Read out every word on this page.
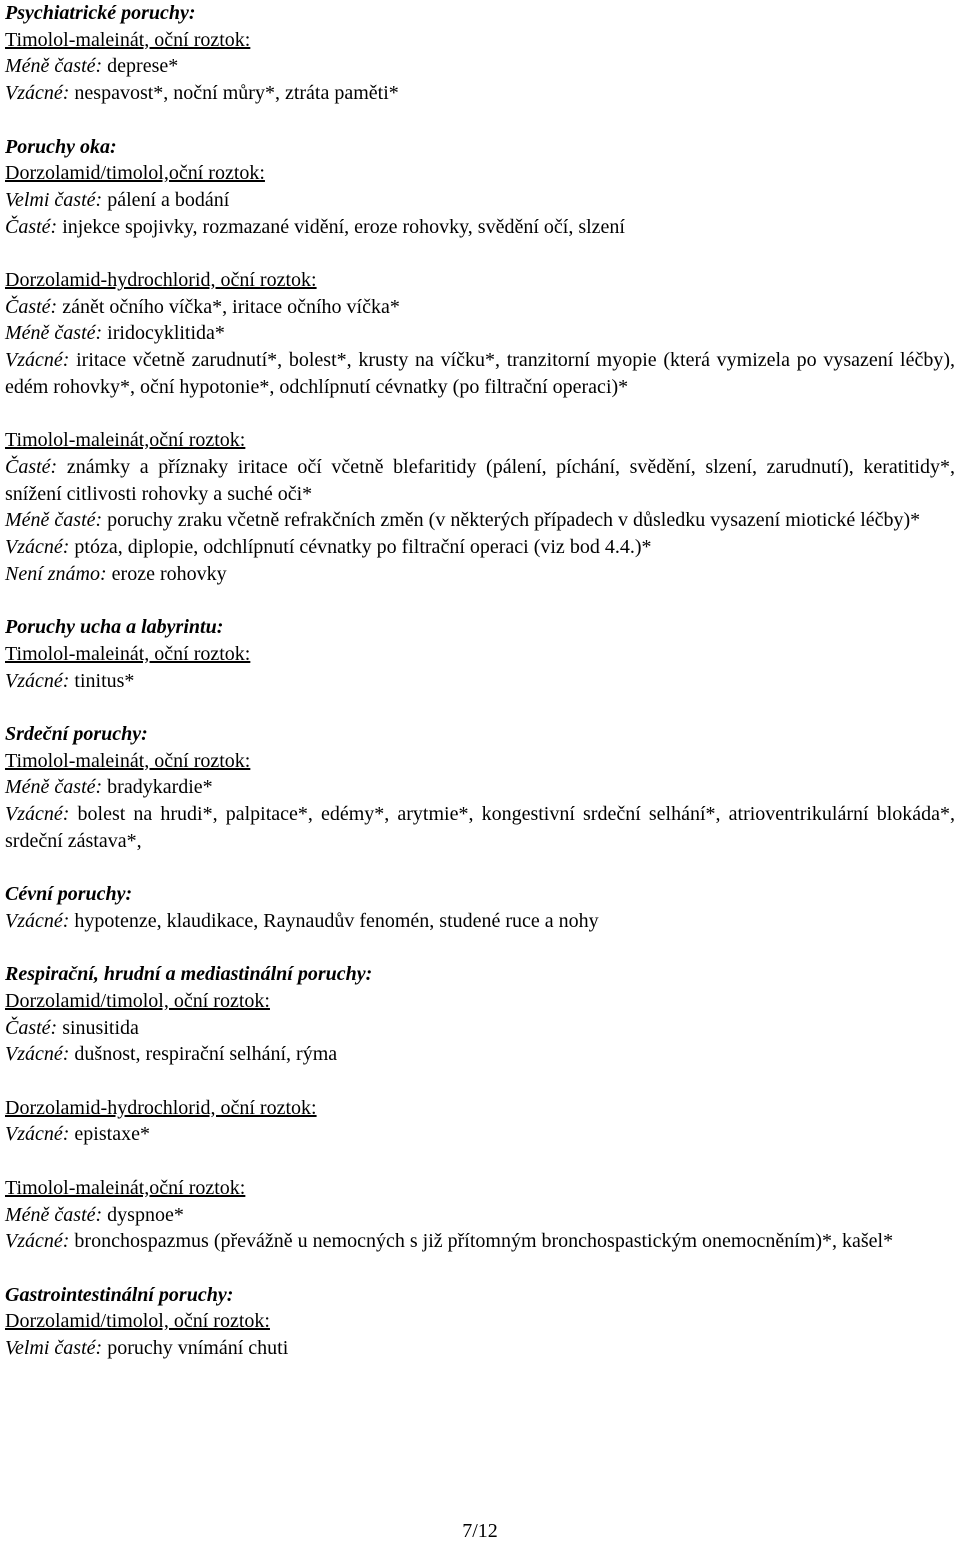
Psychiatrické poruchy:
Timolol-maleinát, oční roztok:
Méně časté: deprese*
Vzácné: nespavost*, noční můry*, ztráta paměti*
Poruchy oka:
Dorzolamid/timolol,oční roztok:
Velmi časté: pálení a bodání
Časté: injekce spojivky, rozmazané vidění, eroze rohovky, svědění očí, slzení
Dorzolamid-hydrochlorid, oční roztok:
Časté: zánět očního víčka*, iritace očního víčka*
Méně časté: iridocyklitida*
Vzácné: iritace včetně zarudnutí*, bolest*, krusty na víčku*, tranzitorní myopie (která vymizela po vysazení léčby), edém rohovky*, oční hypotonie*, odchlípnutí cévnatky (po filtrační operaci)*
Timolol-maleinát,oční roztok:
Časté: známky a příznaky iritace očí včetně blefaritidy (pálení, píchání, svědění, slzení, zarudnutí), keratitidy*, snížení citlivosti rohovky a suché oči*
Méně časté: poruchy zraku včetně refrakčních změn (v některých případech v důsledku vysazení miotické léčby)*
Vzácné: ptóza, diplopie, odchlípnutí cévnatky po filtrační operaci (viz bod 4.4.)*
Není známo: eroze rohovky
Poruchy ucha a labyrintu:
Timolol-maleinát, oční roztok:
Vzácné: tinitus*
Srdeční poruchy:
Timolol-maleinát, oční roztok:
Méně časté: bradykardie*
Vzácné: bolest na hrudi*, palpitace*, edémy*, arytmie*, kongestivní srdeční selhání*, atrioventrikulární blokáda*, srdeční zástava*,
Cévní poruchy:
Vzácné: hypotenze, klaudikace, Raynaudův fenomén, studené ruce a nohy
Respirační, hrudní a mediastinální poruchy:
Dorzolamid/timolol, oční roztok:
Časté: sinusitida
Vzácné: dušnost, respirační selhání, rýma
Dorzolamid-hydrochlorid, oční roztok:
Vzácné: epistaxe*
Timolol-maleinát,oční roztok:
Méně časté: dyspnoe*
Vzácné: bronchospazmus (převážně u nemocných s již přítomným bronchospastickým onemocněním)*, kašel*
Gastrointestinální poruchy:
Dorzolamid/timolol, oční roztok:
Velmi časté: poruchy vnímání chuti
7/12
